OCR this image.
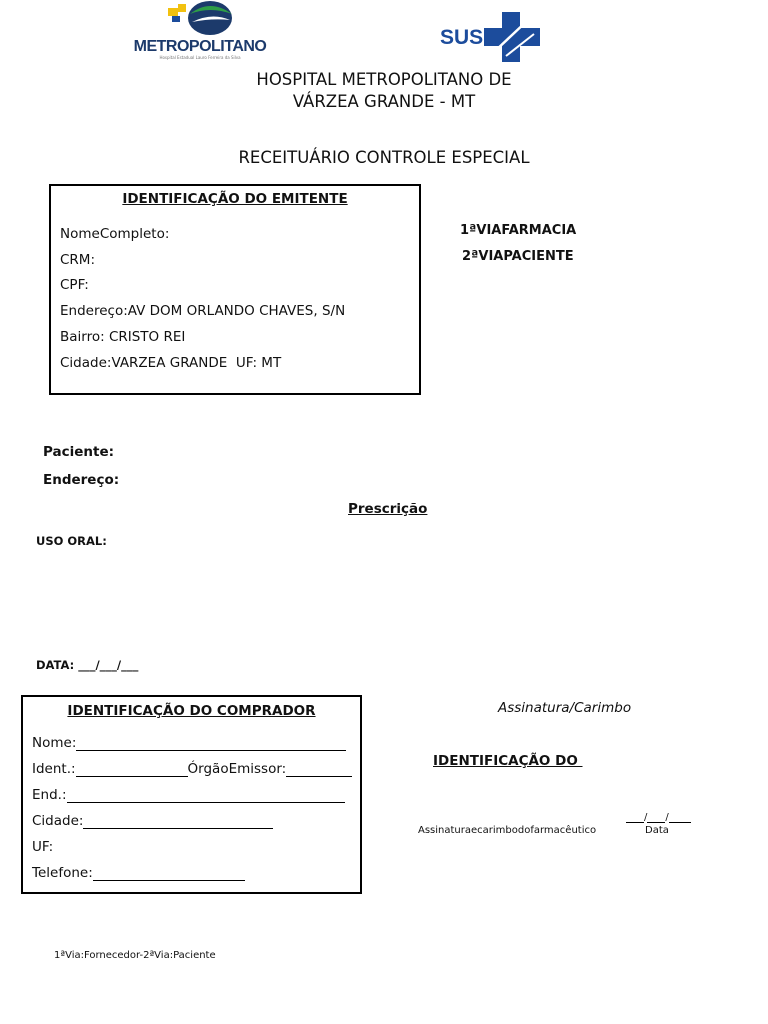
METROPOLITANO
Hospital Estadual Lauro Ferreira da Silva
SUS
HOSPITAL METROPOLITANO DE
VÁRZEA GRANDE - MT
RECEITUÁRIO CONTROLE ESPECIAL
IDENTIFICAÇÃO DO EMITENTE
NomeCompleto:
CRM:
CPF:
Endereço:AV DOM ORLANDO CHAVES, S/N
Bairro: CRISTO REI
Cidade:VARZEA GRANDE  UF: MT
1ªVIAFARMACIA
2ªVIAPACIENTE
Paciente:
Endereço:
Prescrição
USO ORAL:
DATA: ___/___/___
IDENTIFICAÇÃO DO COMPRADOR
Nome:
Ident.:	ÓrgãoEmissor:
End.:
Cidade:
UF:
Telefone:
Assinatura/Carimbo
IDENTIFICAÇÃO DO
Assinaturaecarimbodofarmacêutico
/ /
Data
1ªVia:Fornecedor-2ªVia:Paciente
